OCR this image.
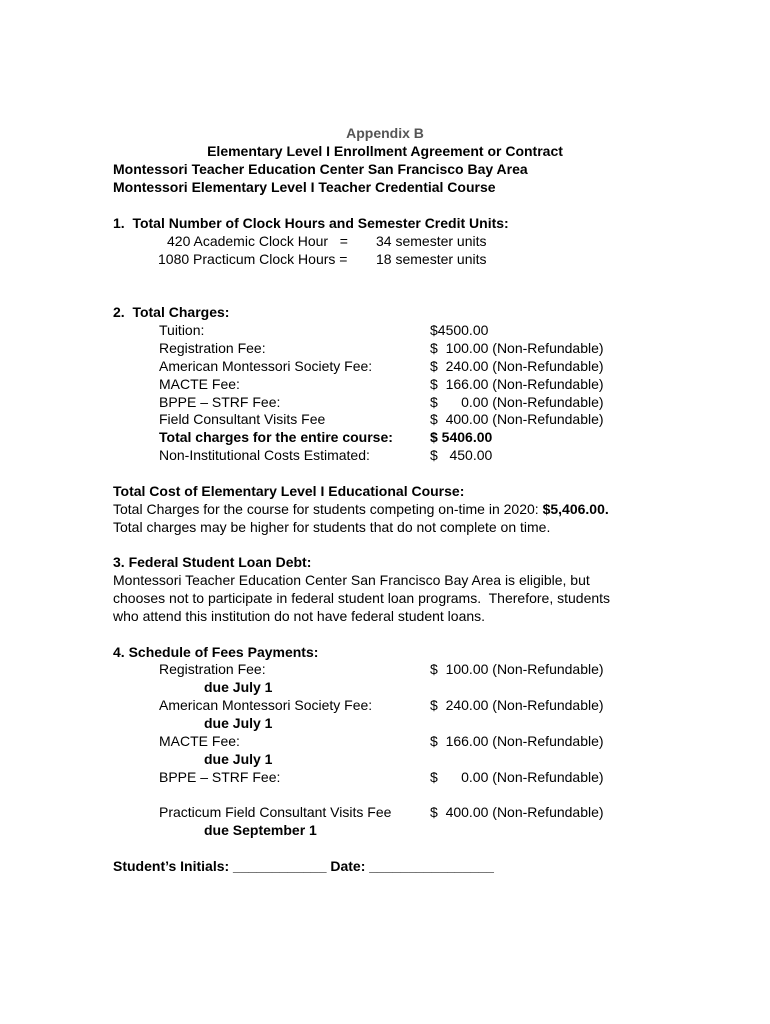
Appendix B
Elementary Level I Enrollment Agreement or Contract
Montessori Teacher Education Center San Francisco Bay Area
Montessori Elementary Level I Teacher Credential Course
1.  Total Number of Clock Hours and Semester Credit Units:
420 Academic Clock Hour   = 34 semester units
1080 Practicum Clock Hours = 18 semester units
2.  Total Charges:
Tuition:	$4500.00
Registration Fee:	$  100.00 (Non-Refundable)
American Montessori Society Fee:	$  240.00 (Non-Refundable)
MACTE Fee:	$  166.00 (Non-Refundable)
BPPE – STRF Fee:	$      0.00 (Non-Refundable)
Field Consultant Visits Fee	$  400.00 (Non-Refundable)
Total charges for the entire course:	$ 5406.00
Non-Institutional Costs Estimated:	$   450.00
Total Cost of Elementary Level I Educational Course:
Total Charges for the course for students competing on-time in 2020: $5,406.00.
Total charges may be higher for students that do not complete on time.
3. Federal Student Loan Debt:
Montessori Teacher Education Center San Francisco Bay Area is eligible, but
chooses not to participate in federal student loan programs.  Therefore, students
who attend this institution do not have federal student loans.
4. Schedule of Fees Payments:
Registration Fee:	$  100.00 (Non-Refundable)
due July 1
American Montessori Society Fee:	$  240.00 (Non-Refundable)
due July 1
MACTE Fee:	$  166.00 (Non-Refundable)
due July 1
BPPE – STRF Fee:	$      0.00 (Non-Refundable)
Practicum Field Consultant Visits Fee	$  400.00 (Non-Refundable)
due September 1
Student’s Initials: ____________ Date: ________________
